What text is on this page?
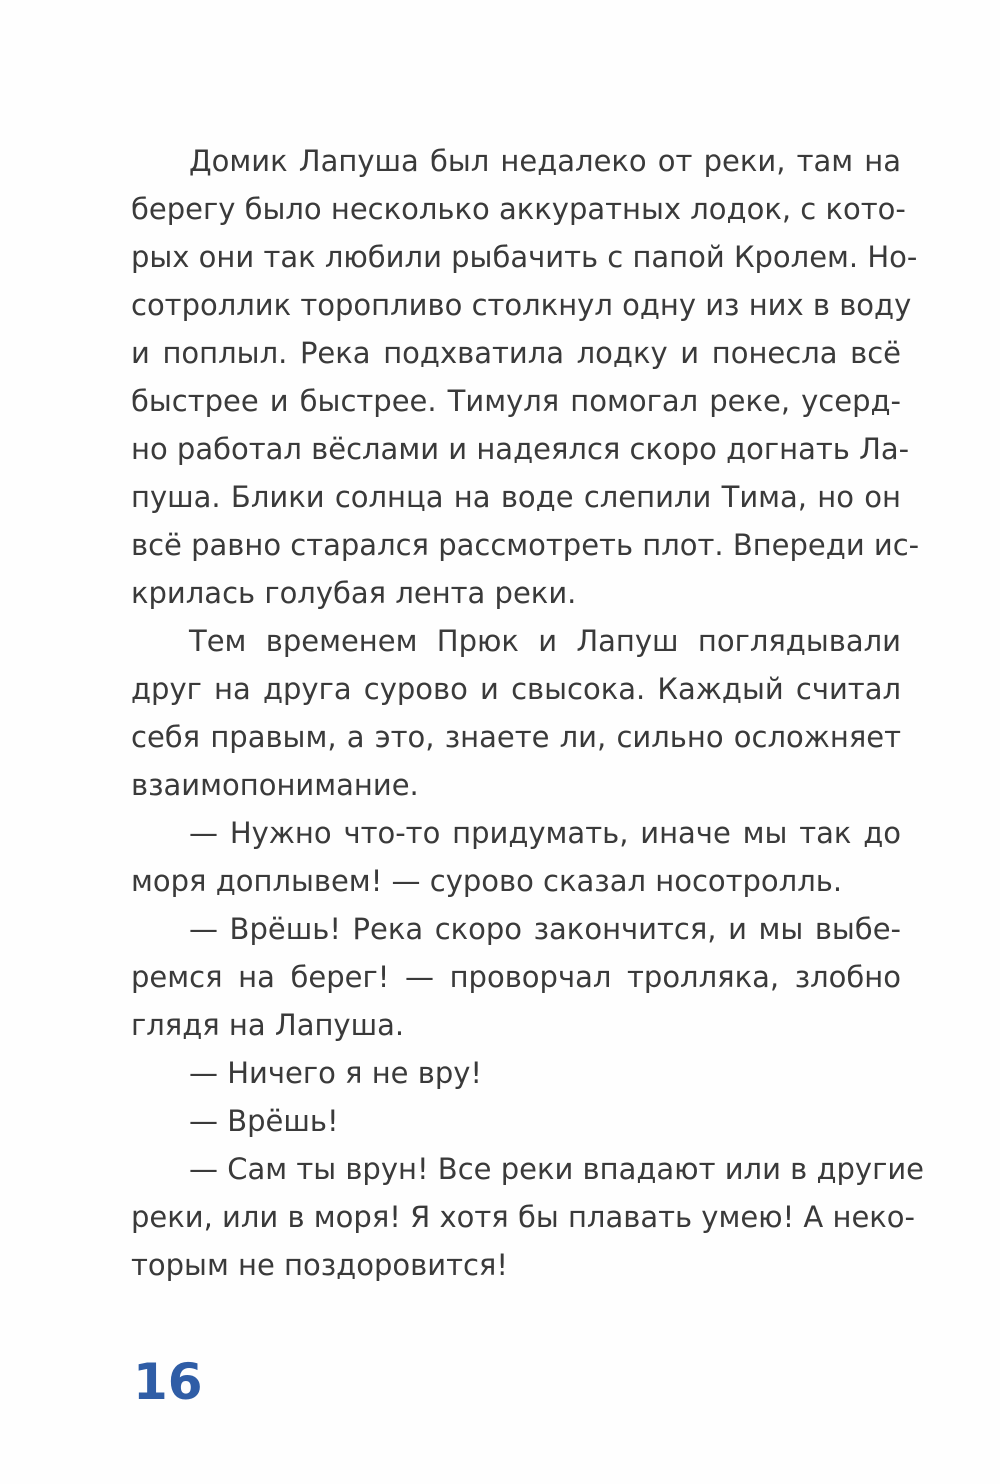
Домик Лапуша был недалеко от реки, там на
берегу было несколько аккуратных лодок, с кото-
рых они так любили рыбачить с папой Кролем. Но-
сотроллик торопливо столкнул одну из них в воду
и поплыл. Река подхватила лодку и понесла всё
быстрее и быстрее. Тимуля помогал реке, усерд-
но работал вёслами и надеялся скоро догнать Ла-
пуша. Блики солнца на воде слепили Тима, но он
всё равно старался рассмотреть плот. Впереди ис-
крилась голубая лента реки.

Тем временем Прюк и Лапуш поглядывали
друг на друга сурово и свысока. Каждый считал
себя правым, а это, знаете ли, сильно осложняет
взаимопонимание.

— Нужно что-то придумать, иначе мы так до
моря доплывем! — сурово сказал носотролль.

— Врёшь! Река скоро закончится, и мы выбе-
ремся на берег! — проворчал тролляка, злобно
глядя на Лапуша.

— Ничего я не вру!

— Врёшь!

— Сам ты врун! Все реки впадают или в другие
реки, или в моря! Я хотя бы плавать умею! А неко-
торым не поздоровится!

16
